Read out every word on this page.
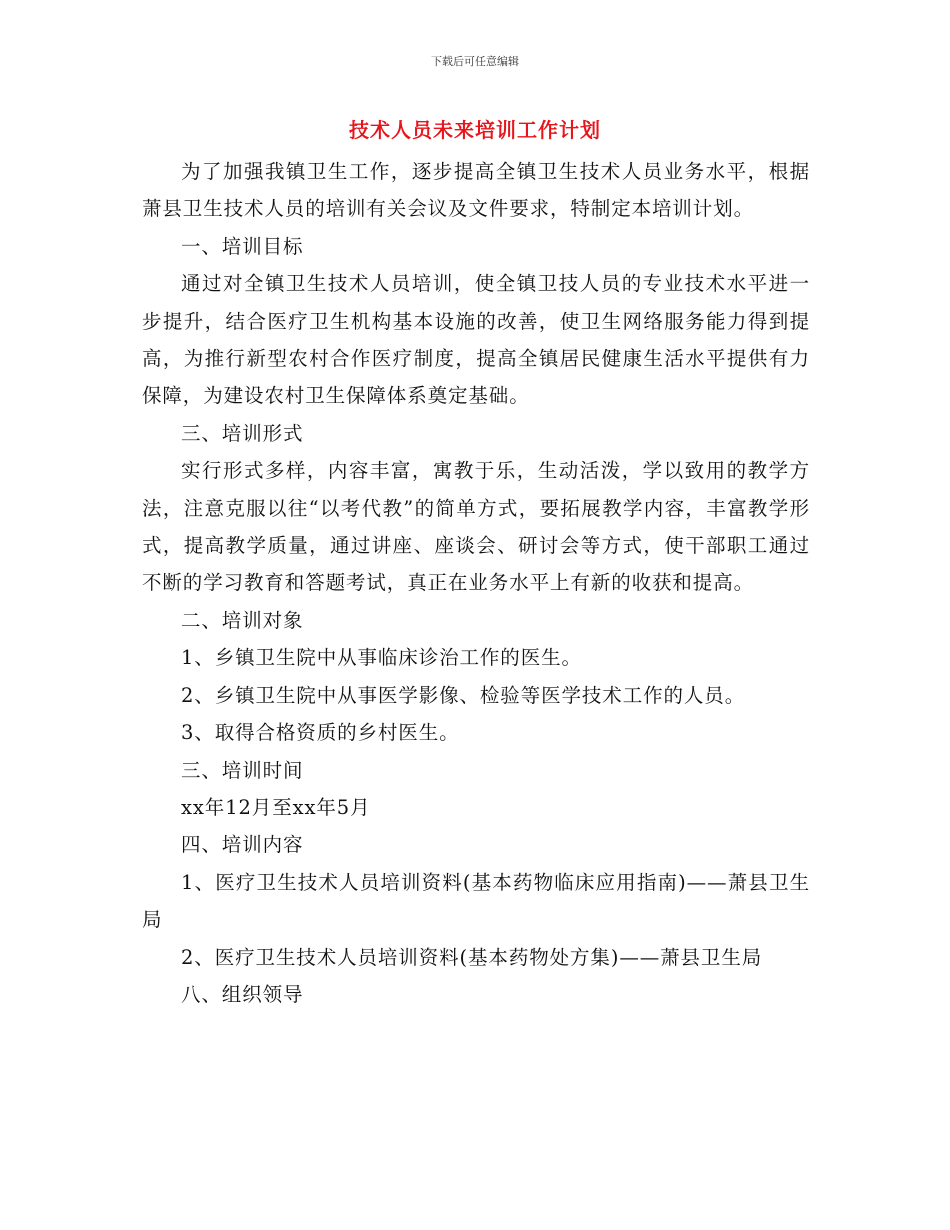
下载后可任意编辑
技术人员未来培训工作计划

为了加强我镇卫生工作，逐步提高全镇卫生技术人员业务水平，根据萧县卫生技术人员的培训有关会议及文件要求，特制定本培训计划。

一、培训目标

通过对全镇卫生技术人员培训，使全镇卫技人员的专业技术水平进一步提升，结合医疗卫生机构基本设施的改善，使卫生网络服务能力得到提高，为推行新型农村合作医疗制度，提高全镇居民健康生活水平提供有力保障，为建设农村卫生保障体系奠定基础。

三、培训形式

实行形式多样，内容丰富，寓教于乐，生动活泼，学以致用的教学方法，注意克服以往“以考代教”的简单方式，要拓展教学内容，丰富教学形式，提高教学质量，通过讲座、座谈会、研讨会等方式，使干部职工通过不断的学习教育和答题考试，真正在业务水平上有新的收获和提高。

二、培训对象

1、乡镇卫生院中从事临床诊治工作的医生。

2、乡镇卫生院中从事医学影像、检验等医学技术工作的人员。

3、取得合格资质的乡村医生。

三、培训时间

xx年12月至xx年5月

四、培训内容

1、医疗卫生技术人员培训资料(基本药物临床应用指南)——萧县卫生局

2、医疗卫生技术人员培训资料(基本药物处方集)——萧县卫生局

八、组织领导
